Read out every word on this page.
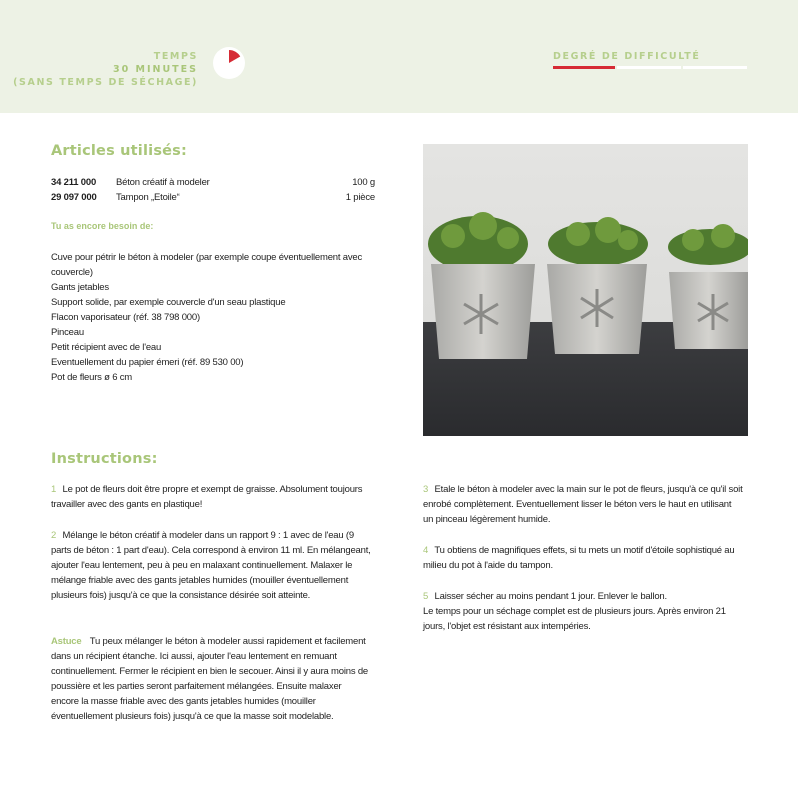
TEMPS
30 MINUTES
(SANS TEMPS DE SÉCHAGE)
DEGRÉ DE DIFFICULTÉ
Articles utilisés:
34 211 000 Béton créatif à modeler	100 g
29 097 000 Tampon „Etoile“	1 pièce
Tu as encore besoin de:
Cuve pour pétrir le béton à modeler (par exemple coupe éventuellement avec
couvercle)
Gants jetables
Support solide, par exemple couvercle d'un seau plastique
Flacon vaporisateur (réf. 38 798 000)
Pinceau
Petit récipient avec de l'eau
Eventuellement du papier émeri (réf. 89 530 00)
Pot de fleurs ø 6 cm
Instructions:
1 Le pot de fleurs doit être propre et exempt de graisse. Absolument toujours travailler avec des gants en plastique!
2 Mélange le béton créatif à modeler dans un rapport 9 : 1 avec de l'eau (9 parts de béton : 1 part d'eau). Cela correspond à environ 11 ml. En mélangeant, ajouter l'eau lentement, peu à peu en malaxant continuellement. Malaxer le mélange friable avec des gants jetables humides (mouiller éventuellement plusieurs fois) jusqu'à ce que la consistance désirée soit atteinte.
Astuce Tu peux mélanger le béton à modeler aussi rapidement et facilement dans un récipient étanche. Ici aussi, ajouter l'eau lentement en remuant continuellement. Fermer le récipient en bien le secouer. Ainsi il y aura moins de poussière et les parties seront parfaitement mélangées. Ensuite malaxer encore la masse friable avec des gants jetables humides (mouiller éventuellement plusieurs fois) jusqu'à ce que la masse soit modelable.
3 Etale le béton à modeler avec la main sur le pot de fleurs, jusqu'à ce qu'il soit enrobé complètement. Eventuellement lisser le béton vers le haut en utilisant un pinceau légèrement humide.
4 Tu obtiens de magnifiques effets, si tu mets un motif d'étoile sophistiqué au milieu du pot à l'aide du tampon.
5 Laisser sécher au moins pendant 1 jour. Enlever le ballon.
Le temps pour un séchage complet est de plusieurs jours. Après environ 21 jours, l'objet est résistant aux intempéries.
